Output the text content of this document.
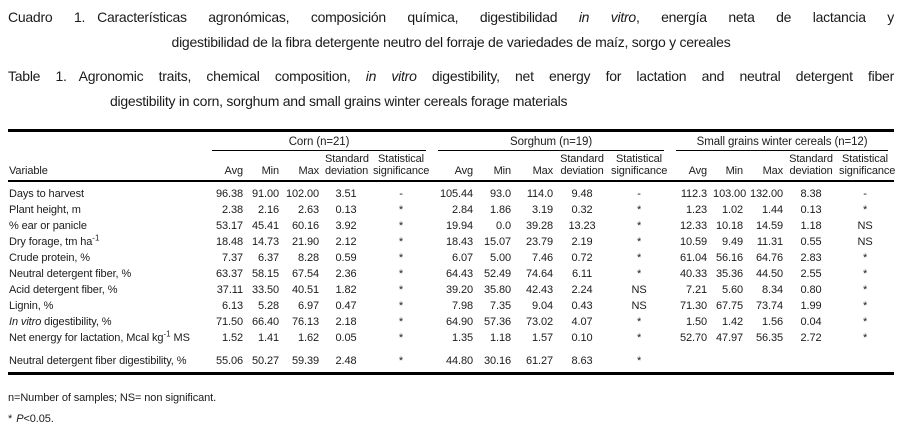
Cuadro 1. Características agronómicas, composición química, digestibilidad in vitro, energía neta de lactancia y
digestibilidad de la fibra detergente neutro del forraje de variedades de maíz, sorgo y cereales

Table 1. Agronomic traits, chemical composition, in vitro digestibility, net energy for lactation and neutral detergent fiber
digestibility in corn, sorghum and small grains winter cereals forage materials

	Corn (n=21)					Sorghum (n=19)					Small grains winter cereals (n=12)				

Variable	Avg	Min	Max	Standard deviation	Statistical significance	Avg	Min	Max	Standard deviation	Statistical significance	Avg	Min	Max	Standard deviation	Statistical significance
Days to harvest	96.38	91.00	102.00	3.51	-	105.44	93.0	114.0	9.48	-	112.3	103.00	132.00	8.38	-
Plant height, m	2.38	2.16	2.63	0.13	*	2.84	1.86	3.19	0.32	*	1.23	1.02	1.44	0.13	*
% ear or panicle	53.17	45.41	60.16	3.92	*	19.94	0.0	39.28	13.23	*	12.33	10.18	14.59	1.18	NS
Dry forage, tm $ha^{-1}$	18.48	14.73	21.90	2.12	*	18.43	15.07	23.79	2.19	*	10.59	9.49	11.31	0.55	NS
Crude protein, %	7.37	6.37	8.28	0.59	*	6.07	5.00	7.46	0.72	*	61.04	56.16	64.76	2.83	*
Neutral detergent fiber, %	63.37	58.15	67.54	2.36	*	64.43	52.49	74.64	6.11	*	40.33	35.36	44.50	2.55	*
Acid detergent fiber, %	37.11	33.50	40.51	1.82	*	39.20	35.80	42.43	2.24	NS	7.21	5.60	8.34	0.80	*
Lignin, %	6.13	5.28	6.97	0.47	*	7.98	7.35	9.04	0.43	NS	71.30	67.75	73.74	1.99	*
In vitro digestibility, %	71.50	66.40	76.13	2.18	*	64.90	57.36	73.02	4.07	*	1.50	1.42	1.56	0.04	*
Net energy for lactation, Mcal $kg^{-1}$ MS	1.52	1.41	1.62	0.05	*	1.35	1.18	1.57	0.10	*	52.70	47.97	56.35	2.72	*
Neutral detergent fiber digestibility, %	55.06	50.27	59.39	2.48	*	44.80	30.16	61.27	8.63	*					

n=Number of samples; NS= non significant.

* P<0.05.
